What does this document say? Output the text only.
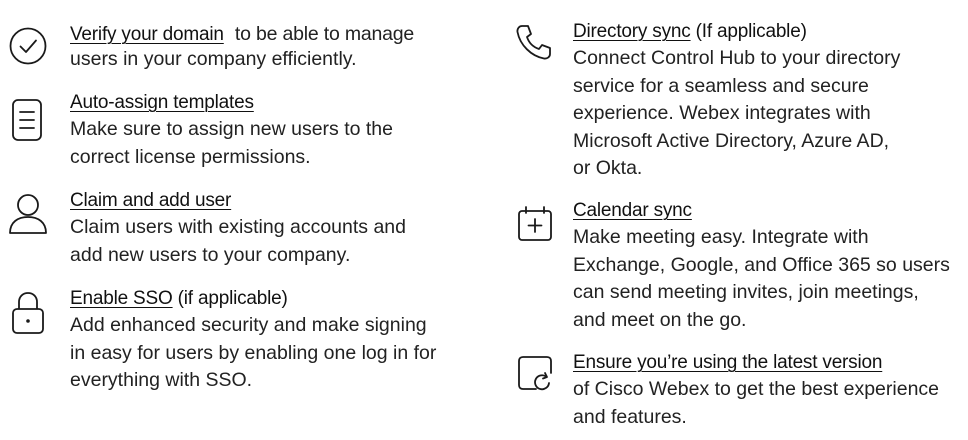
Verify your domain to be able to manage
users in your company efficiently.
Auto-assign templates
Make sure to assign new users to the
correct license permissions.
Claim and add user
Claim users with existing accounts and
add new users to your company.
Enable SSO (if applicable)
Add enhanced security and make signing
in easy for users by enabling one log in for
everything with SSO.
Directory sync (If applicable)
Connect Control Hub to your directory
service for a seamless and secure
experience. Webex integrates with
Microsoft Active Directory, Azure AD,
or Okta.
Calendar sync
Make meeting easy. Integrate with
Exchange, Google, and Office 365 so users
can send meeting invites, join meetings,
and meet on the go.
Ensure you’re using the latest version
of Cisco Webex to get the best experience
and features.
